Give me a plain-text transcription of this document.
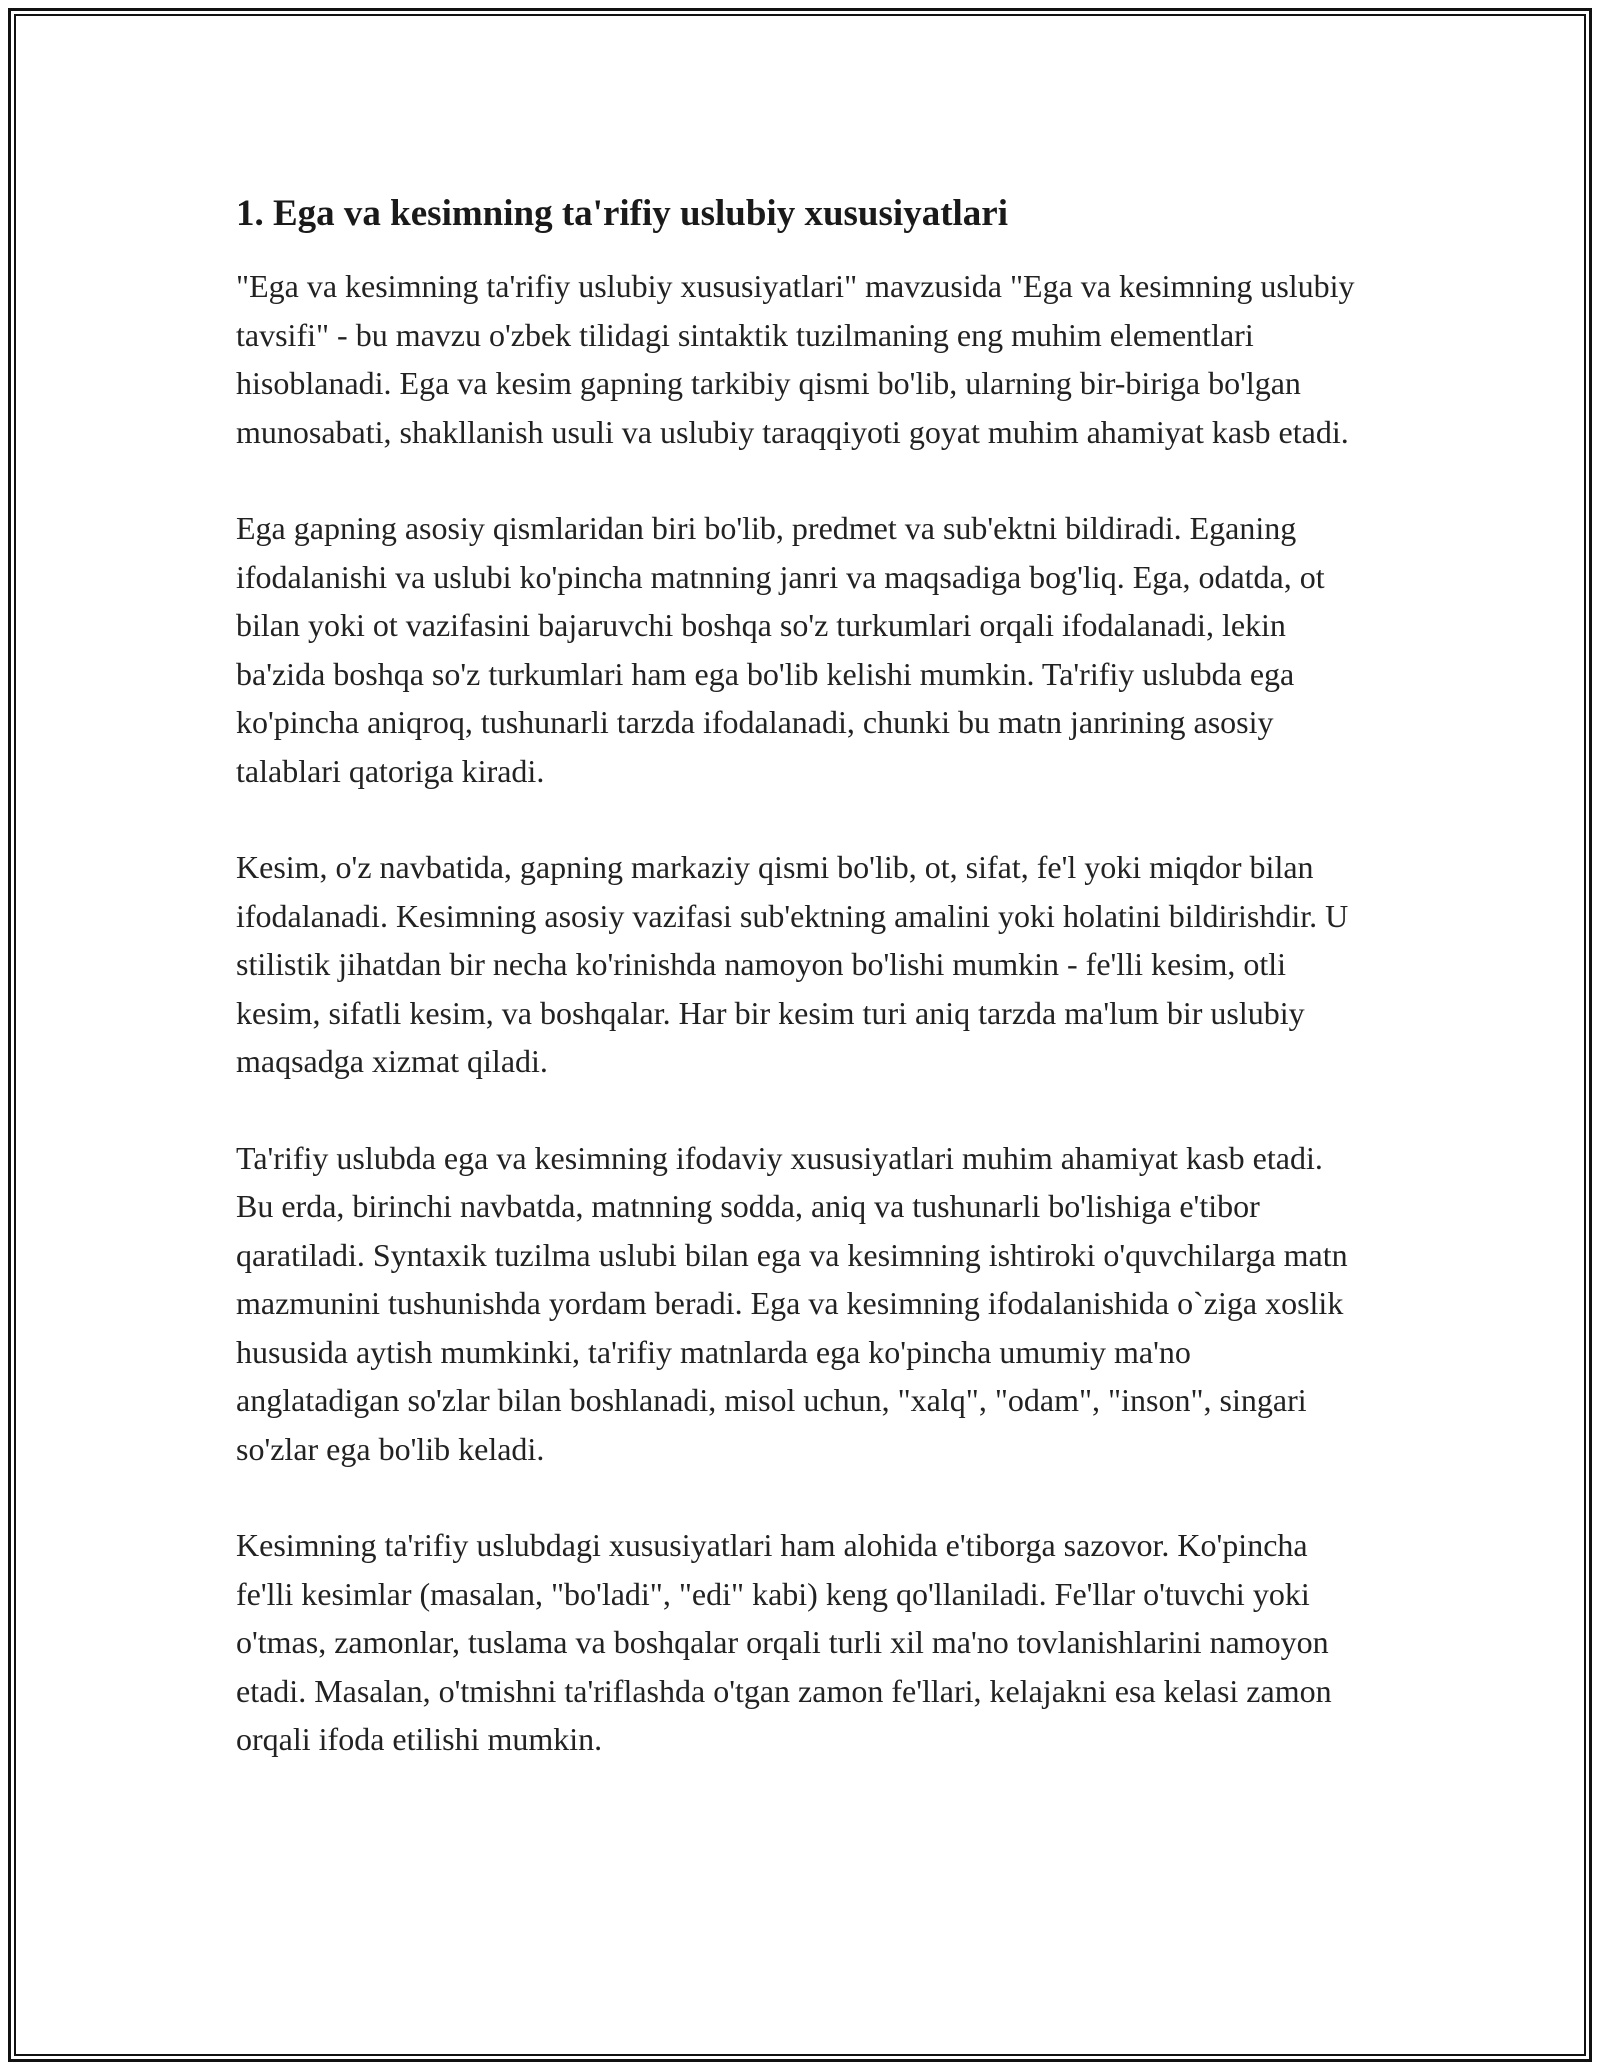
1. Ega va kesimning ta'rifiy uslubiy xususiyatlari

"Ega va kesimning ta'rifiy uslubiy xususiyatlari" mavzusida "Ega va kesimning uslubiy tavsifi" - bu mavzu o'zbek tilidagi sintaktik tuzilmaning eng muhim elementlari hisoblanadi. Ega va kesim gapning tarkibiy qismi bo'lib, ularning bir-biriga bo'lgan munosabati, shakllanish usuli va uslubiy taraqqiyoti goyat muhim ahamiyat kasb etadi.

Ega gapning asosiy qismlaridan biri bo'lib, predmet va sub'ektni bildiradi. Eganing ifodalanishi va uslubi ko'pincha matnning janri va maqsadiga bog'liq. Ega, odatda, ot bilan yoki ot vazifasini bajaruvchi boshqa so'z turkumlari orqali ifodalanadi, lekin ba'zida boshqa so'z turkumlari ham ega bo'lib kelishi mumkin. Ta'rifiy uslubda ega ko'pincha aniqroq, tushunarli tarzda ifodalanadi, chunki bu matn janrining asosiy talablari qatoriga kiradi.

Kesim, o'z navbatida, gapning markaziy qismi bo'lib, ot, sifat, fe'l yoki miqdor bilan ifodalanadi. Kesimning asosiy vazifasi sub'ektning amalini yoki holatini bildirishdir. U stilistik jihatdan bir necha ko'rinishda namoyon bo'lishi mumkin - fe'lli kesim, otli kesim, sifatli kesim, va boshqalar. Har bir kesim turi aniq tarzda ma'lum bir uslubiy maqsadga xizmat qiladi.

Ta'rifiy uslubda ega va kesimning ifodaviy xususiyatlari muhim ahamiyat kasb etadi. Bu erda, birinchi navbatda, matnning sodda, aniq va tushunarli bo'lishiga e'tibor qaratiladi. Syntaxik tuzilma uslubi bilan ega va kesimning ishtiroki o'quvchilarga matn mazmunini tushunishda yordam beradi. Ega va kesimning ifodalanishida o`ziga xoslik hususida aytish mumkinki, ta'rifiy matnlarda ega ko'pincha umumiy ma'no anglatadigan so'zlar bilan boshlanadi, misol uchun, "xalq", "odam", "inson", singari so'zlar ega bo'lib keladi.

Kesimning ta'rifiy uslubdagi xususiyatlari ham alohida e'tiborga sazovor. Ko'pincha fe'lli kesimlar (masalan, "bo'ladi", "edi" kabi) keng qo'llaniladi. Fe'llar o'tuvchi yoki o'tmas, zamonlar, tuslama va boshqalar orqali turli xil ma'no tovlanishlarini namoyon etadi. Masalan, o'tmishni ta'riflashda o'tgan zamon fe'llari, kelajakni esa kelasi zamon orqali ifoda etilishi mumkin.
